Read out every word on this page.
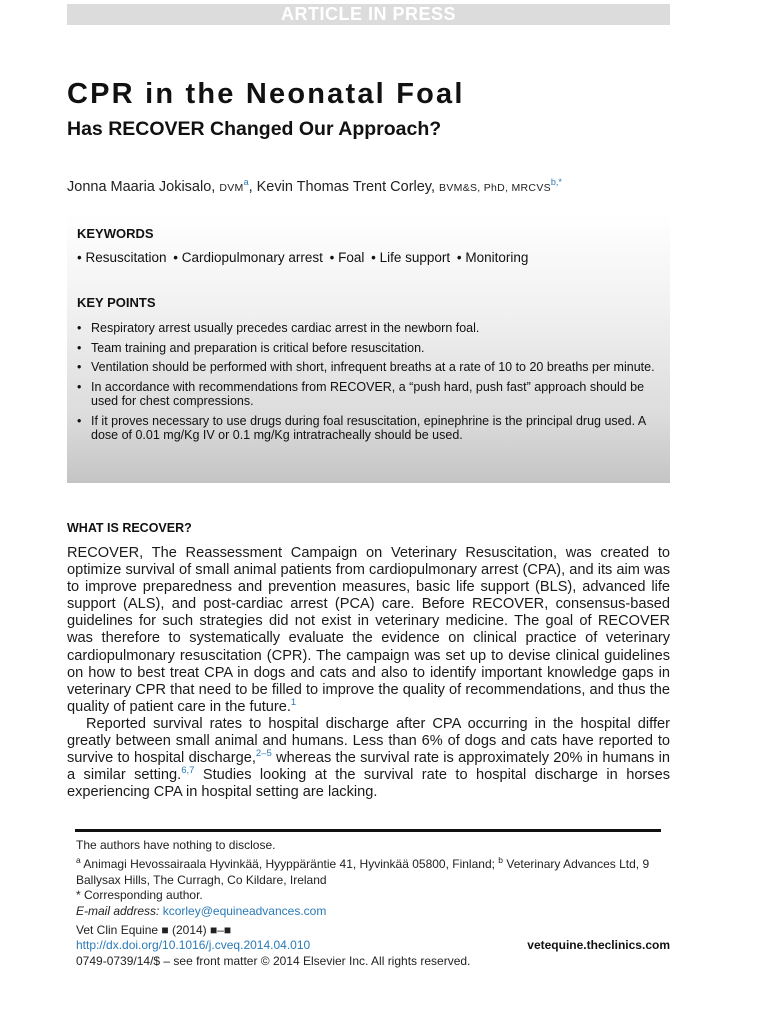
ARTICLE IN PRESS
CPR in the Neonatal Foal
Has RECOVER Changed Our Approach?
Jonna Maaria Jokisalo, DVM$^a$, Kevin Thomas Trent Corley, BVM&S, PhD, $MRCVS^{b,*}$
KEYWORDS
• Resuscitation • Cardiopulmonary arrest • Foal • Life support • Monitoring
KEY POINTS
• Respiratory arrest usually precedes cardiac arrest in the newborn foal.
• Team training and preparation is critical before resuscitation.
• Ventilation should be performed with short, infrequent breaths at a rate of 10 to 20 breaths per minute.
• In accordance with recommendations from RECOVER, a “push hard, push fast” approach should be used for chest compressions.
• If it proves necessary to use drugs during foal resuscitation, epinephrine is the principal drug used. A dose of 0.01 mg/Kg IV or 0.1 mg/Kg intratracheally should be used.
WHAT IS RECOVER?

RECOVER, The Reassessment Campaign on Veterinary Resuscitation, was created to optimize survival of small animal patients from cardiopulmonary arrest (CPA), and its aim was to improve preparedness and prevention measures, basic life support (BLS), advanced life support (ALS), and post-cardiac arrest (PCA) care. Before RECOVER, consensus-based guidelines for such strategies did not exist in veterinary medicine. The goal of RECOVER was therefore to systematically evaluate the evidence on clinical practice of veterinary cardiopulmonary resuscitation (CPR). The campaign was set up to devise clinical guidelines on how to best treat CPA in dogs and cats and also to identify important knowledge gaps in veterinary CPR that need to be filled to improve the quality of recommendations, and thus the quality of patient care in the future.$^1$

Reported survival rates to hospital discharge after CPA occurring in the hospital differ greatly between small animal and humans. Less than 6% of dogs and cats have reported to survive to hospital discharge,$^{2-5}$ whereas the survival rate is approximately 20% in humans in a similar setting.$^{6,7}$ Studies looking at the survival rate to hospital discharge in horses experiencing CPA in hospital setting are lacking.

The authors have nothing to disclose.
$^a$ Animagi Hevossairaala Hyvinkää, Hyyppäräntie 41, Hyvinkää 05800, Finland; $^b$ Veterinary Advances Ltd, 9 Ballysax Hills, The Curragh, Co Kildare, Ireland
* Corresponding author.
E-mail address: kcorley@equineadvances.com
Vet Clin Equine ■ (2014) ■–■
http://dx.doi.org/10.1016/j.cveq.2014.04.010	vetequine.theclinics.com
0749-0739/14/$ – see front matter © 2014 Elsevier Inc. All rights reserved.
